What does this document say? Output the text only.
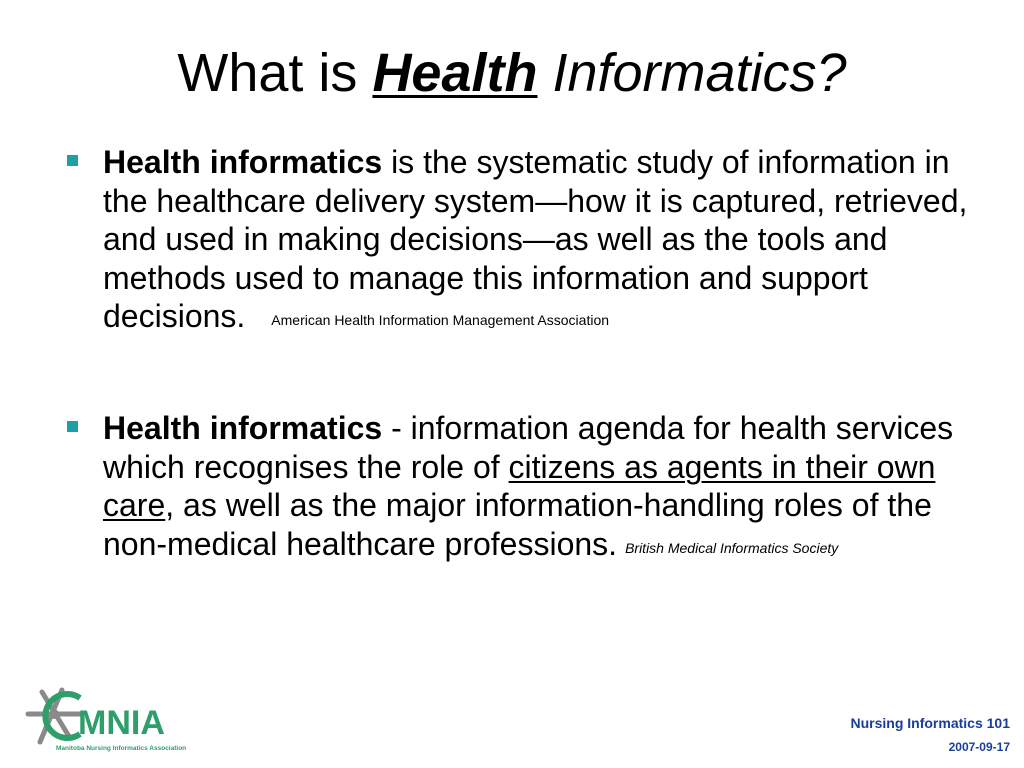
What is Health Informatics?
Health informatics is the systematic study of information in the healthcare delivery system—how it is captured, retrieved, and used in making decisions—as well as the tools and methods used to manage this information and support decisions. American Health Information Management Association
Health informatics - information agenda for health services which recognises the role of citizens as agents in their own care, as well as the major information-handling roles of the non-medical healthcare professions. British Medical Informatics Society
MNIA
Manitoba Nursing Informatics Association
Nursing Informatics 101
2007-09-17
